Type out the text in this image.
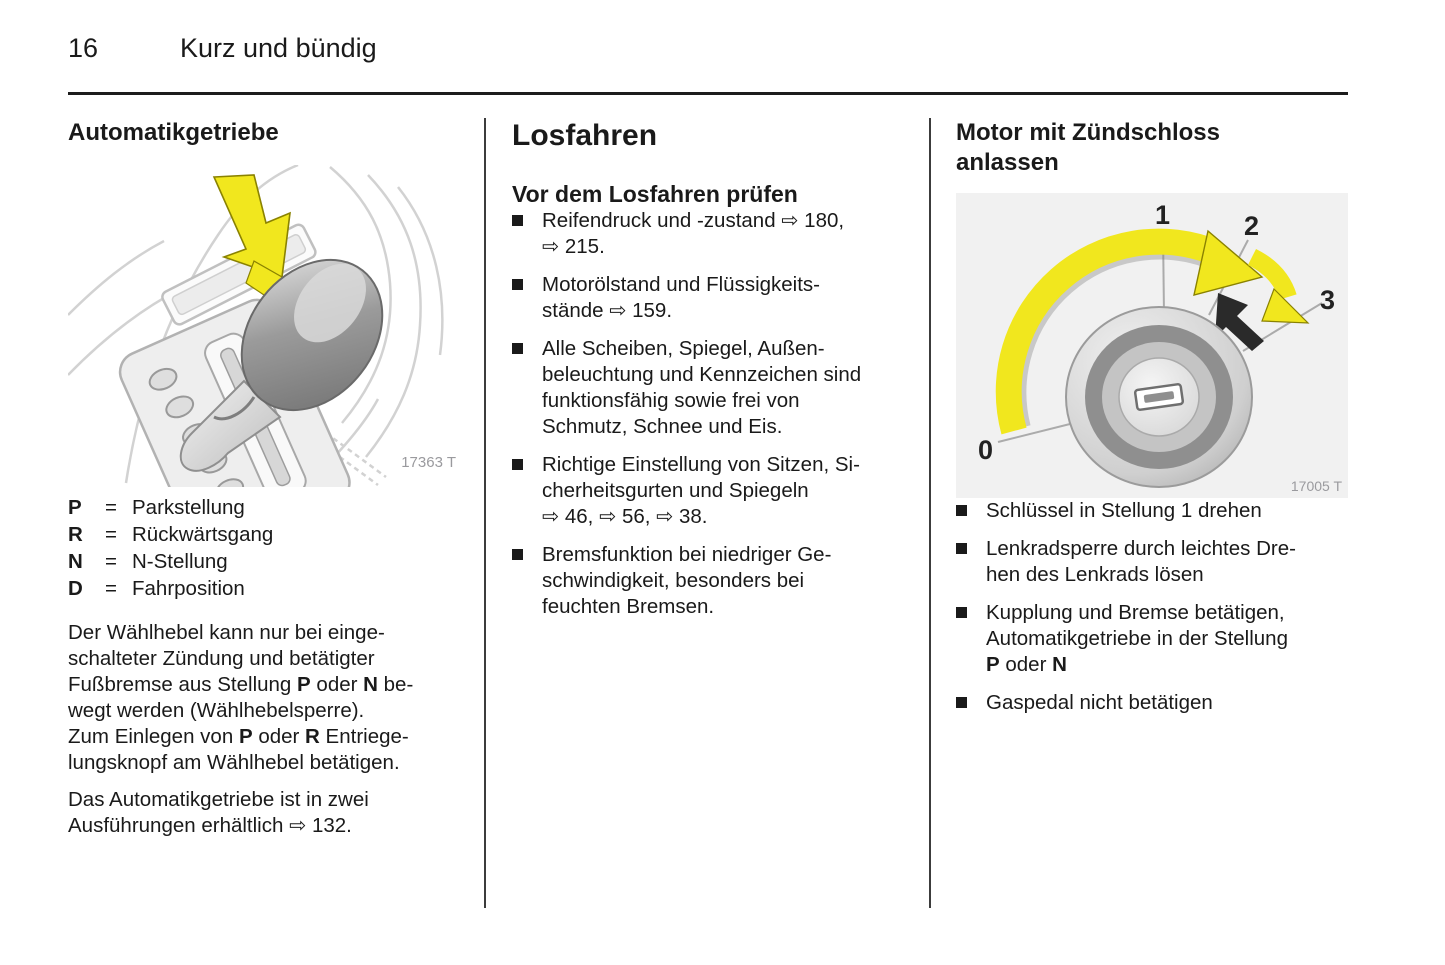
16	Kurz und bündig
Automatikgetriebe
17363 T
P	=	Parkstellung
R	=	Rückwärtsgang
N	=	N-Stellung
D	=	Fahrposition
Der Wählhebel kann nur bei einge-
schalteter Zündung und betätigter
Fußbremse aus Stellung P oder N be-
wegt werden (Wählhebelsperre).
Zum Einlegen von P oder R Entriege-
lungsknopf am Wählhebel betätigen.
Das Automatikgetriebe ist in zwei
Ausführungen erhältlich ⇨ 132.
Losfahren
Vor dem Losfahren prüfen
Reifendruck und -zustand ⇨ 180,
⇨ 215.
Motorölstand und Flüssigkeits-
stände ⇨ 159.
Alle Scheiben, Spiegel, Außen-
beleuchtung und Kennzeichen sind
funktionsfähig sowie frei von
Schmutz, Schnee und Eis.
Richtige Einstellung von Sitzen, Si-
cherheitsgurten und Spiegeln
⇨ 46, ⇨ 56, ⇨ 38.
Bremsfunktion bei niedriger Ge-
schwindigkeit, besonders bei
feuchten Bremsen.
Motor mit Zündschloss
anlassen
0
1	2
3
17005 T
Schlüssel in Stellung 1 drehen
Lenkradsperre durch leichtes Dre-
hen des Lenkrads lösen
Kupplung und Bremse betätigen,
Automatikgetriebe in der Stellung
P oder N
Gaspedal nicht betätigen
